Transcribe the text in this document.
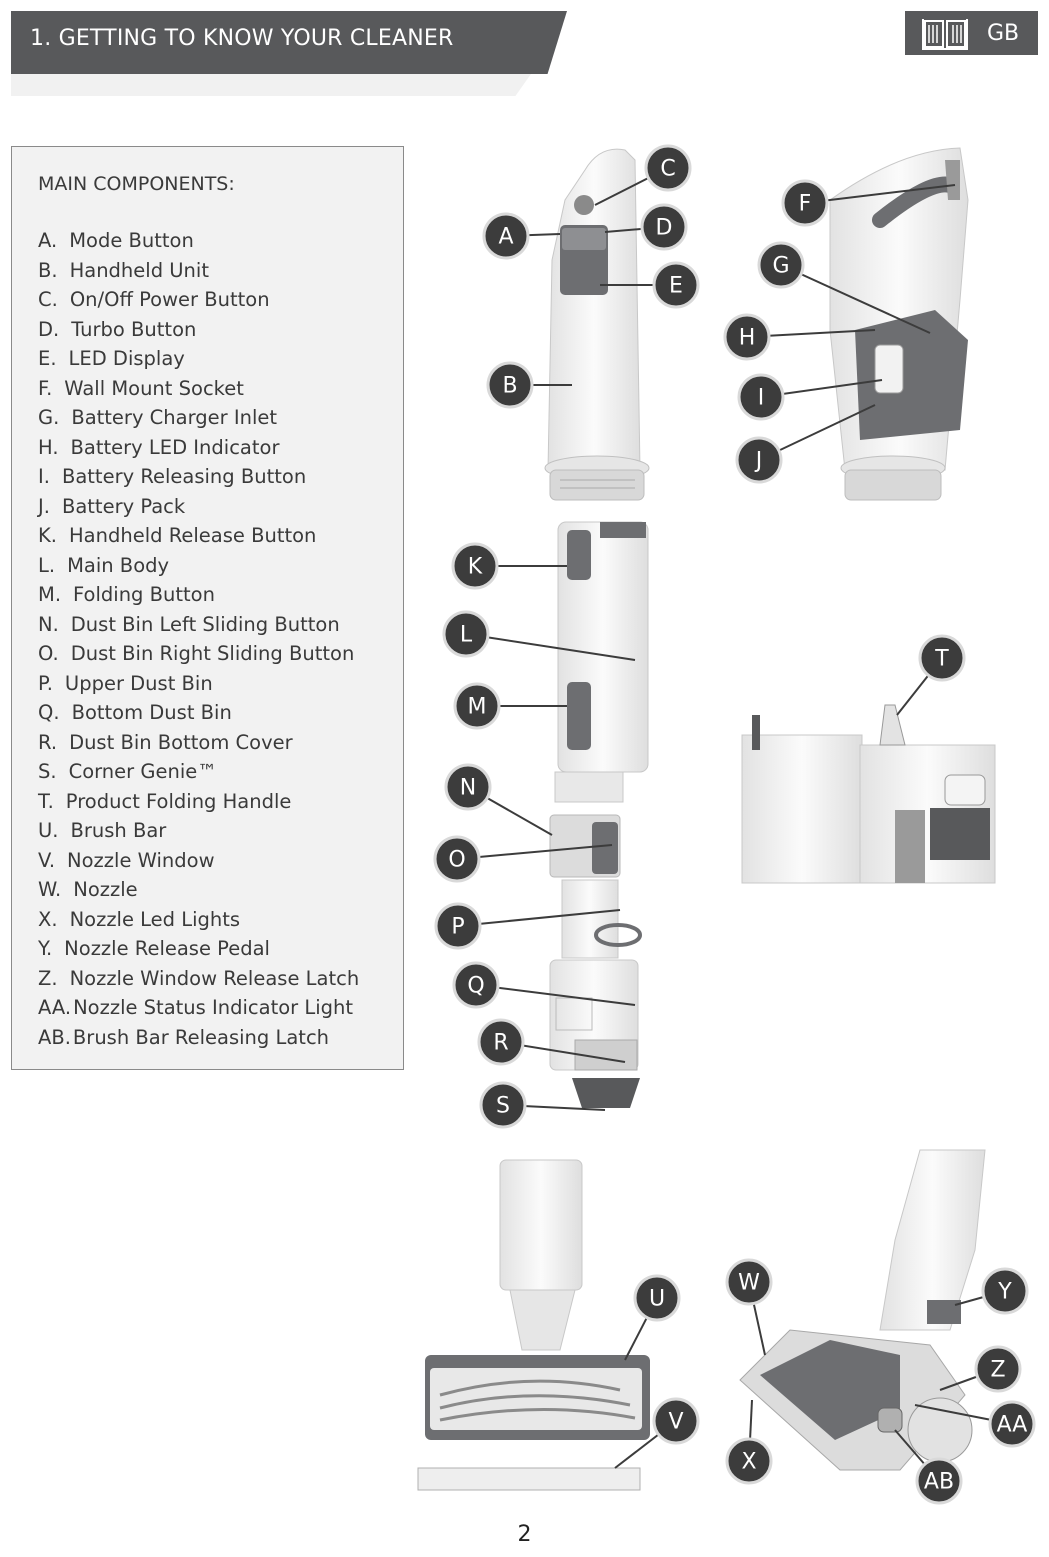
1. GETTING TO KNOW YOUR CLEANER	GB
MAIN COMPONENTS:
A. Mode Button
B. Handheld Unit
C. On/Off Power Button
D. Turbo Button
E. LED Display
F. Wall Mount Socket
G. Battery Charger Inlet
H. Battery LED Indicator
I. Battery Releasing Button
J. Battery Pack
K. Handheld Release Button
L. Main Body
M. Folding Button
N. Dust Bin Left Sliding Button
O. Dust Bin Right Sliding Button
P. Upper Dust Bin
Q. Bottom Dust Bin
R. Dust Bin Bottom Cover
S. Corner Genie™
T. Product Folding Handle
U. Brush Bar
V. Nozzle Window
W. Nozzle
X. Nozzle Led Lights
Y. Nozzle Release Pedal
Z. Nozzle Window Release Latch
AA. Nozzle Status Indicator Light
AB. Brush Bar Releasing Latch
A
B
C
D
E
F
G
H
I
J
K
L
M
N
O
P
Q
R
S
T
U
V
W
X
Y
Z
AA
AB
2
